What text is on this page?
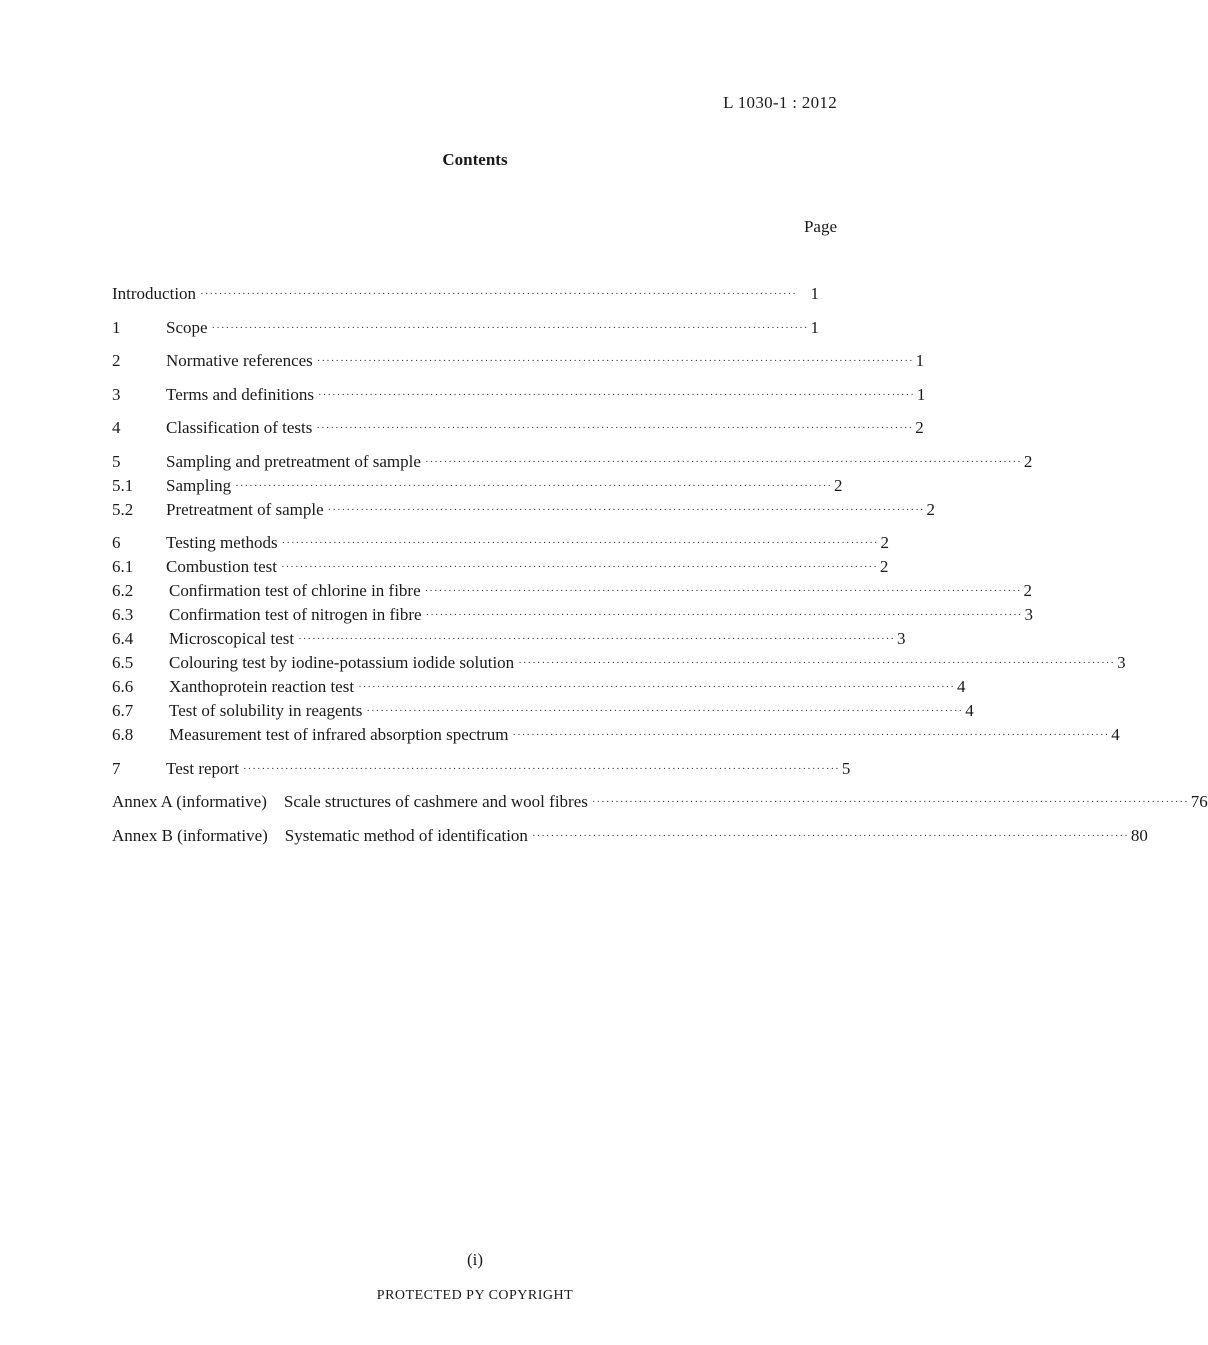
L 1030-1 : 2012
Contents
Page
Introduction ································································································································ 1
1	Scope ································································································································ 1
2	Normative references ································································································································ 1
3	Terms and definitions ································································································································ 1
4	Classification of tests ································································································································ 2
5	Sampling and pretreatment of sample ································································································································ 2
5.1	Sampling ································································································································ 2
5.2	Pretreatment of sample ································································································································ 2
6	Testing methods ································································································································ 2
6.1	Combustion test ································································································································ 2
6.2	Confirmation test of chlorine in fibre ································································································································ 2
6.3	Confirmation test of nitrogen in fibre ································································································································ 3
6.4	Microscopical test ································································································································ 3
6.5	Colouring test by iodine-potassium iodide solution ································································································································ 3
6.6	Xanthoprotein reaction test ································································································································ 4
6.7	Test of solubility in reagents ································································································································ 4
6.8	Measurement test of infrared absorption spectrum ································································································································ 4
7	Test report ································································································································ 5
Annex A (informative) Scale structures of cashmere and wool fibres ································································································································ 76
Annex B (informative) Systematic method of identification ································································································································ 80
(i)
PROTECTED PY COPYRIGHT
